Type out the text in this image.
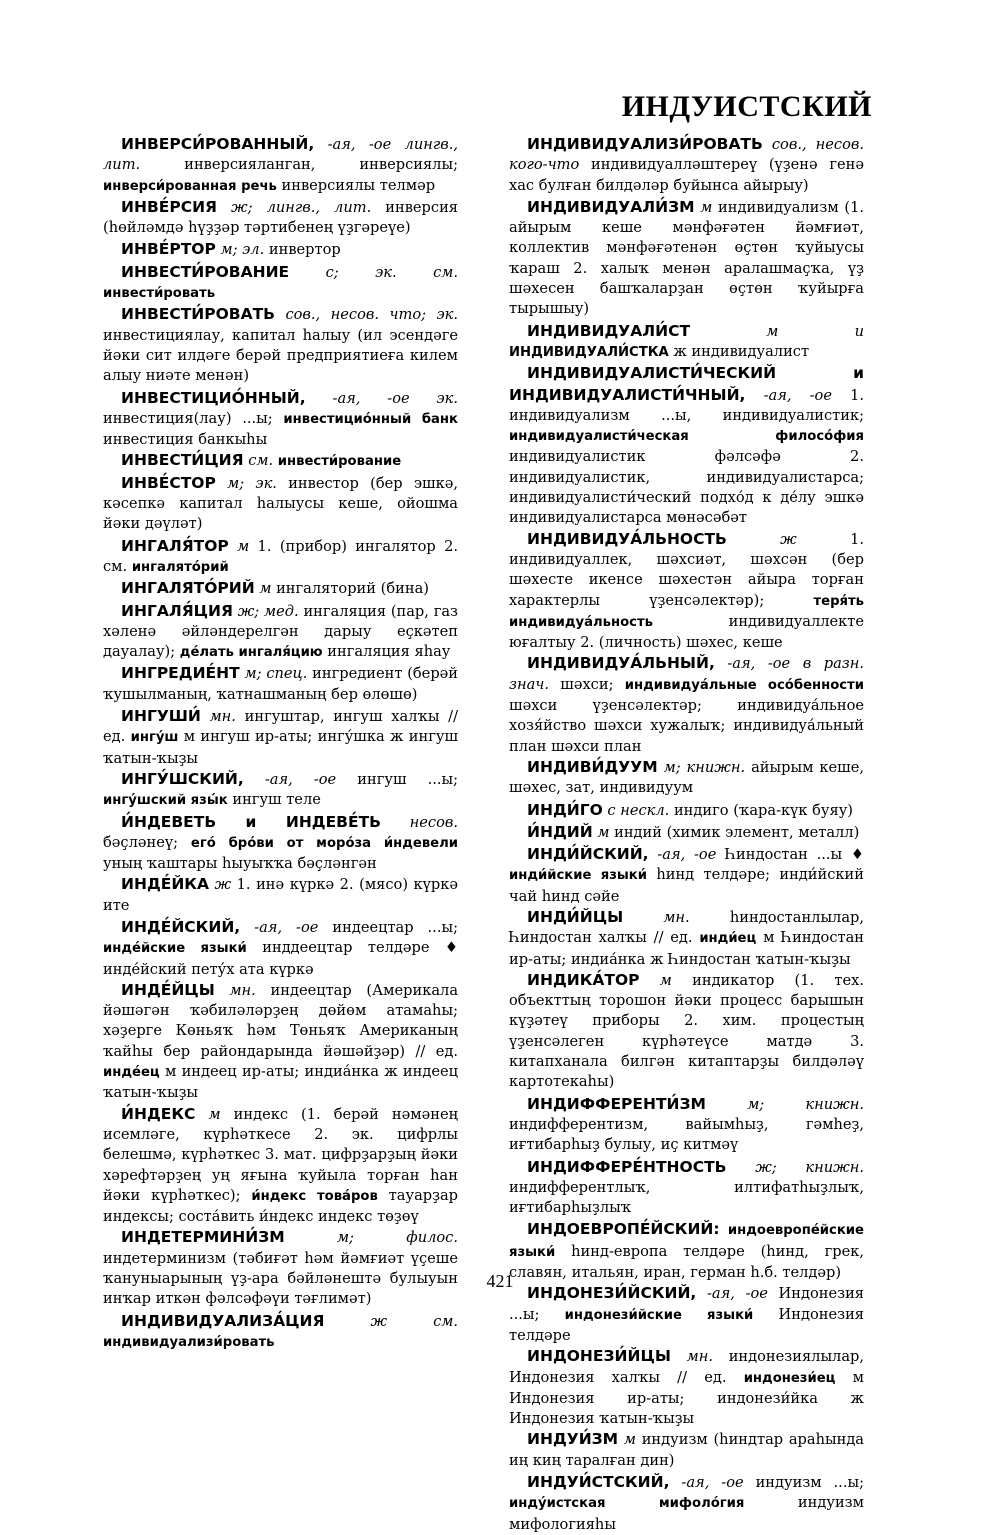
ИНДУИСТСКИЙ

ИНВЕРСИ́РОВАННЫЙ, -ая, -ое лингв., лит.	инверсияланган, инверсиялы; инверси́рованная речь инверсиялы телмәр

ИНВЕ́РСИЯ ж; лингв., лит. инверсия (һөйләмдә һүҙҙәр тәртибенең үҙгәреүе)

ИНВЕ́РТОР м; эл. инвертор

ИНВЕСТИ́РОВАНИЕ с; эк. см. инвести́ровать

ИНВЕСТИ́РОВАТЬ сов., несов. что; эк. инвестициялау, капитал һалыу (ил эсендәге йәки сит илдәге берәй предприятиеға килем алыу ниәте менән)

ИНВЕСТИЦИО́ННЫЙ, -ая, -ое эк. инвестиция(лау) ...ы; инвестицио́нный банк инвестиция банкыһы

ИНВЕСТИ́ЦИЯ см. инвести́рование

ИНВЕ́СТОР м; эк. инвестор (бер эшкә, кәсепкә капитал һалыусы кеше, ойошма йәки дәүләт)

ИНГАЛЯ́ТОР м 1. (прибор) ингалятор 2. см. ингалято́рий

ИНГАЛЯТО́РИЙ м ингаляторий (бина)

ИНГАЛЯ́ЦИЯ ж; мед. ингаляция (пар, газ хәленә әйләндерелгән дарыу еҫкәтеп дауалау); де́лать ингаля́цию ингаляция яһау

ИНГРЕДИЕ́НТ м; спец. ингредиент (берәй ҡушылманың, ҡатнашманың бер өлөшө)

ИНГУШИ́ мн. ингуштар, ингуш халҡы // ед. ингу́ш м ингуш ир-аты; ингу́шка ж ингуш ҡатын-ҡыҙы

ИНГУ́ШСКИЙ, -ая, -ое ингуш ...ы; ингу́шский язы́к ингуш теле

И́НДЕВЕТЬ и ИНДЕВЕ́ТЬ несов. бәҫләнеү; его́ бро́ви от моро́за и́ндевели уның ҡаштары һыуыҡҡа бәҫләнгән

ИНДЕ́ЙКА ж 1. инә күркә 2. (мясо) күркә ите

ИНДЕ́ЙСКИЙ, -ая, -ое индеецтар ...ы; инде́йские языки́ инддеецтар телдәре ♦ инде́йский пету́х ата күркә

ИНДЕ́ЙЦЫ мн. индеецтар (Америкала йәшәгән ҡәбиләләрҙең дөйөм атамаһы; хәҙерге Көньяҡ һәм Төньяҡ Американың ҡайһы бер райондарында йәшәйҙәр) // ед. инде́ец м индеец ир-аты; индиа́нка ж индеец ҡатын-ҡыҙы

И́НДЕКС м индекс (1. берәй нәмәнең исемләге, күрһәткесе 2. эк. цифрлы белешмә, күрһәткес 3. мат. цифрҙарҙың йәки хәрефтәрҙең уң яғына ҡуйыла торған һан йәки күрһәткес); и́ндекс това́ров тауарҙар индексы; соста́вить и́ндекс индекс төҙөү

ИНДЕТЕРМИНИ́ЗМ	м; филос. индетерминизм (тәбиғәт һәм йәмғиәт үҫеше ҡануныарының үҙ-ара бәйләнештә булыуын инҡар иткән фәлсәфәүи тәғлимәт)

ИНДИВИДУАЛИЗА́ЦИЯ	ж см. индивидуализи́ровать

ИНДИВИДУАЛИЗИ́РОВАТЬ сов., несов. кого-что индивидуалләштереү (үҙенә генә хас булған билдәләр буйынса айырыу)

ИНДИВИДУАЛИ́ЗМ м индивидуализм (1. айырым кеше мәнфәғәтен йәмғиәт, коллектив мәнфәғәтенән өҫтөн ҡуйыусы ҡараш 2. халыҡ менән аралашмаҫҡа, үҙ шәхесен башҡаларҙан өҫтөн ҡуйырға тырышыу)

ИНДИВИДУАЛИ́СТ	м и ИНДИВИДУАЛИ́СТКА ж индивидуалист

ИНДИВИДУАЛИСТИ́ЧЕСКИЙ и ИНДИВИДУАЛИСТИ́ЧНЫЙ, -ая, -ое 1. индивидуализм ...ы, индивидуалистик; индивидуалисти́ческая филосо́фия индивидуалистик фәлсәфә 2. индивидуалистик, индивидуалистарса; индивидуалисти́ческий подхо́д к де́лу эшкә индивидуалистарса мөнәсәбәт

ИНДИВИДУА́ЛЬНОСТЬ	ж	1. индивидуаллек, шәхсиәт, шәхсән (бер шәхесте икенсе шәхестән айыра торған характерлы үҙенсәлектәр);	теря́ть индивидуа́льность	индивидуаллекте юғалтыу 2. (личность) шәхес, кеше

ИНДИВИДУА́ЛЬНЫЙ, -ая, -ое в разн. знач. шәхси; индивидуа́льные осо́бенности шәхси үҙенсәлектәр; индивидуа́льное хозя́йство шәхси хужалыҡ; индивидуа́льный план шәхси план

ИНДИВИ́ДУУМ м; книжн. айырым кеше, шәхес, зат, индивидуум

ИНДИ́ГО с нескл. индиго (ҡара-күк буяу)

И́НДИЙ м индий (химик элемент, металл)

ИНДИ́ЙСКИЙ, -ая, -ое Һиндостан ...ы ♦ инди́йские языки́ һинд телдәре; инди́йский чай һинд сәйе

ИНДИ́ЙЦЫ	мн.	һиндостанлылар, Һиндостан халҡы // ед. инди́ец м Һиндостан ир-аты; индиа́нка ж Һиндостан ҡатын-ҡыҙы

ИНДИКА́ТОР м индикатор (1. тех. объекттың торошон йәки процесс барышын күҙәтеү приборы 2. хим. процестың үҙенсәлеген күрһәтеүсе матдә 3. китапханала билгән китаптарҙы билдәләү картотекаһы)

ИНДИФФЕРЕНТИ́ЗМ	м; книжн. индифферентизм, вайымһыҙ, гәмһеҙ, иғтибарһыҙ булыу, иҫ китмәү

ИНДИФФЕРЕ́НТНОСТЬ ж; книжн. индифферентлыҡ, илтифатһыҙлыҡ, иғтибарһыҙлыҡ

ИНДОЕВРОПЕ́ЙСКИЙ: индоевропе́йские языки́ һинд-европа телдәре (һинд, грек, славян, итальян, иран, герман һ.б. телдәр)

ИНДОНЕЗИ́ЙСКИЙ, -ая, -ое Индонезия ...ы; индонези́йские языки́ Индонезия телдәре

ИНДОНЕЗИ́ЙЦЫ мн. индонезиялылар, Индонезия халҡы // ед. индонези́ец м Индонезия ир-аты; индонези́йка ж Индонезия ҡатын-ҡыҙы

ИНДУИ́ЗМ м индуизм (һиндтар араһында иң киң таралған дин)

ИНДУИ́СТСКИЙ, -ая, -ое индуизм ...ы; инду́истская мифоло́гия	индуизм мифологияһы

421
